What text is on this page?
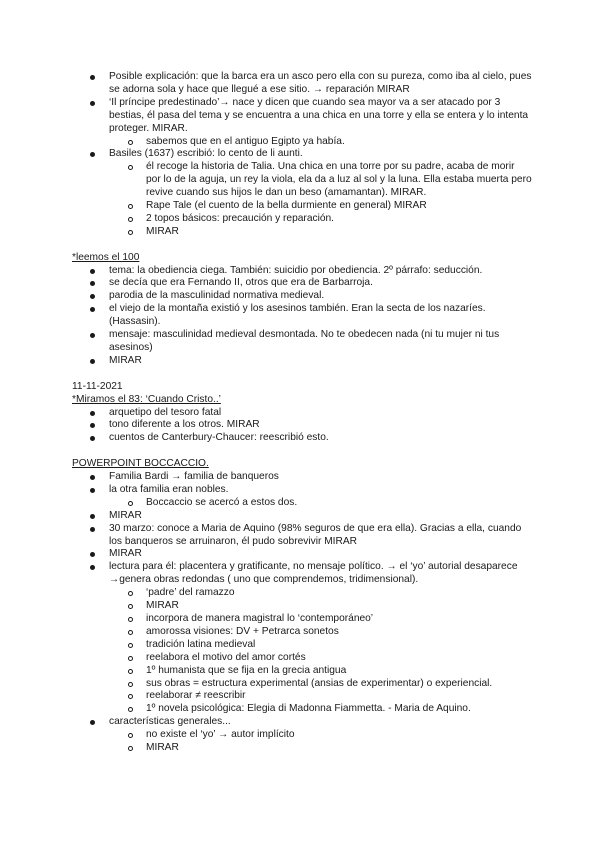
Posible explicación: que la barca era un asco pero ella con su pureza, como iba al cielo, pues se adorna sola y hace que llegué a ese sitio. → reparación MIRAR
‘Il príncipe predestinado’→ nace y dicen que cuando sea mayor va a ser atacado por 3 bestias, él pasa del tema y se encuentra a una chica en una torre y ella se entera y lo intenta proteger. MIRAR.
sabemos que en el antiguo Egipto ya había.
Basiles (1637) escribió: lo cento de li aunti.
él recoge la historia de Talia. Una chica en una torre por su padre, acaba de morir por lo de la aguja, un rey la viola, ela da a luz al sol y la luna. Ella estaba muerta pero revive cuando sus hijos le dan un beso (amamantan). MIRAR.
Rape Tale (el cuento de la bella durmiente en general) MIRAR
2 topos básicos: precaución y reparación.
MIRAR
*leemos el 100
tema: la obediencia ciega. También: suicidio por obediencia. 2º párrafo: seducción.
se decía que era Fernando II, otros que era de Barbarroja.
parodia de la masculinidad normativa medieval.
el viejo de la montaña existió y los asesinos también. Eran la secta de los nazaríes. (Hassasin).
mensaje: masculinidad medieval desmontada. No te obedecen nada (ni tu mujer ni tus asesinos)
MIRAR
11-11-2021
*Miramos el 83: ‘Cuando Cristo..’
arquetipo del tesoro fatal
tono diferente a los otros. MIRAR
cuentos de Canterbury-Chaucer: reescribió esto.
POWERPOINT BOCCACCIO.
Familia Bardi → familia de banqueros
la otra familia eran nobles.
Boccaccio se acercó a estos dos.
MIRAR
30 marzo: conoce a Maria de Aquino (98% seguros de que era ella). Gracias a ella, cuando los banqueros se arruinaron, él pudo sobrevivir MIRAR
MIRAR
lectura para él: placentera y gratificante, no mensaje político. → el ‘yo’ autorial desaparece →genera obras redondas ( uno que comprendemos, tridimensional).
‘padre’ del ramazzo
MIRAR
incorpora de manera magistral lo ‘contemporáneo’
amorossa visiones: DV + Petrarca sonetos
tradición latina medieval
reelabora el motivo del amor cortés
1º humanista que se fija en la grecia antigua
sus obras = estructura experimental (ansias de experimentar) o experiencial.
reelaborar ≠ reescribir
1º novela psicológica: Elegia di Madonna Fiammetta. - Maria de Aquino.
características generales...
no existe el ‘yo’ → autor implícito
MIRAR
